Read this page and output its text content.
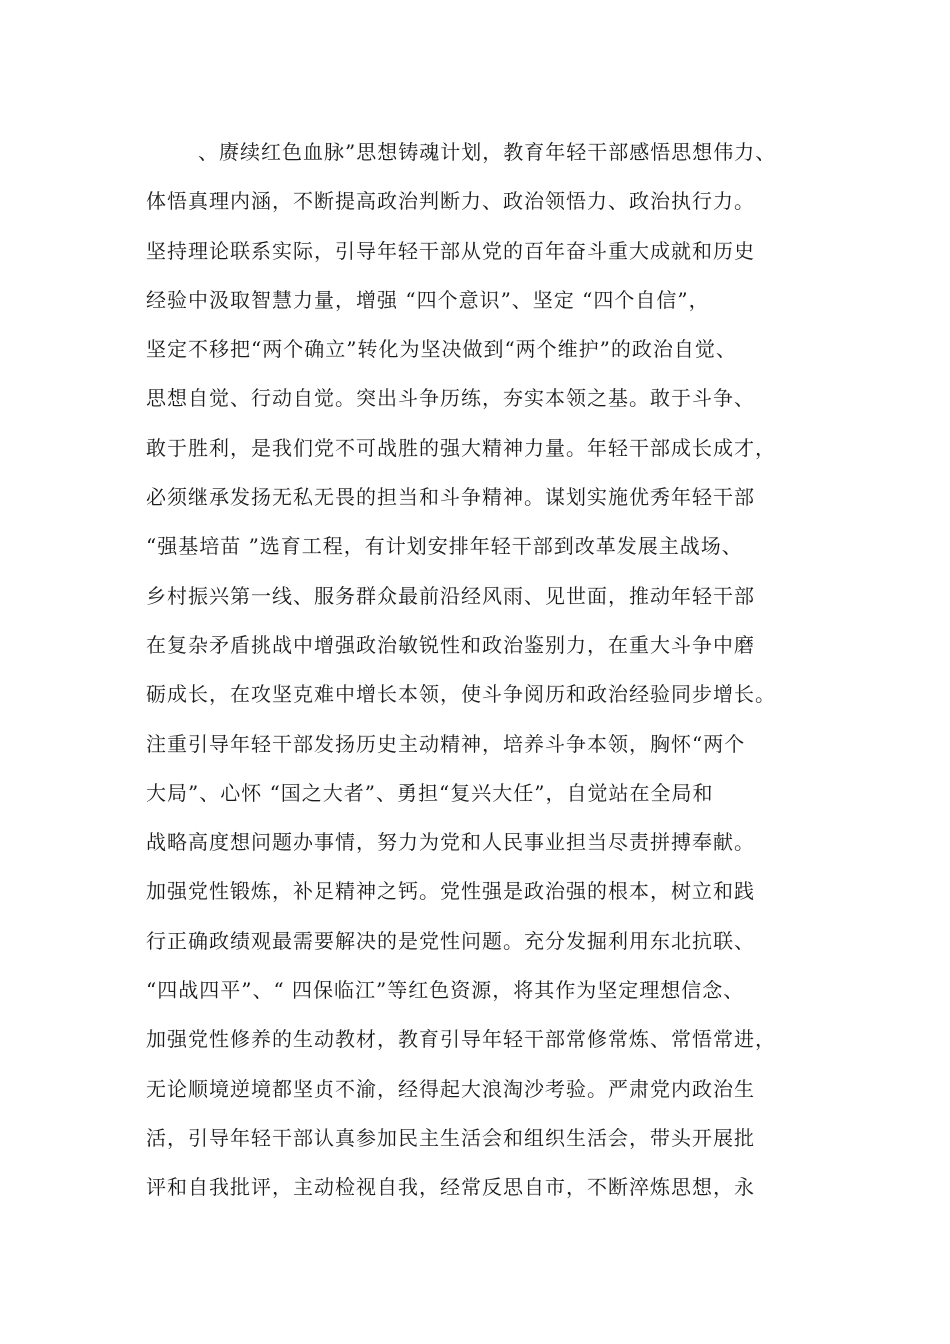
、赓续红色血脉”思想铸魂计划，教育年轻干部感悟思想伟力、
体悟真理内涵，不断提高政治判断力、政治领悟力、政治执行力。
坚持理论联系实际，引导年轻干部从党的百年奋斗重大成就和历史
经验中汲取智慧力量，增强 “四个意识”、坚定 “四个自信”，
坚定不移把“两个确立”转化为坚决做到“两个维护”的政治自觉、
思想自觉、行动自觉。突出斗争历练，夯实本领之基。敢于斗争、
敢于胜利，是我们党不可战胜的强大精神力量。年轻干部成长成才，
必须继承发扬无私无畏的担当和斗争精神。谋划实施优秀年轻干部
“强基培苗 ”选育工程，有计划安排年轻干部到改革发展主战场、
乡村振兴第一线、服务群众最前沿经风雨、见世面，推动年轻干部
在复杂矛盾挑战中增强政治敏锐性和政治鉴别力，在重大斗争中磨
砺成长，在攻坚克难中增长本领，使斗争阅历和政治经验同步增长。
注重引导年轻干部发扬历史主动精神，培养斗争本领，胸怀“两个
大局”、心怀 “国之大者”、勇担“复兴大任”，自觉站在全局和
战略高度想问题办事情，努力为党和人民事业担当尽责拼搏奉献。
加强党性锻炼，补足精神之钙。党性强是政治强的根本，树立和践
行正确政绩观最需要解决的是党性问题。充分发掘利用东北抗联、
“四战四平”、“ 四保临江”等红色资源，将其作为坚定理想信念、
加强党性修养的生动教材，教育引导年轻干部常修常炼、常悟常进，
无论顺境逆境都坚贞不渝，经得起大浪淘沙考验。严肃党内政治生
活，引导年轻干部认真参加民主生活会和组织生活会，带头开展批
评和自我批评，主动检视自我，经常反思自市，不断淬炼思想，永
